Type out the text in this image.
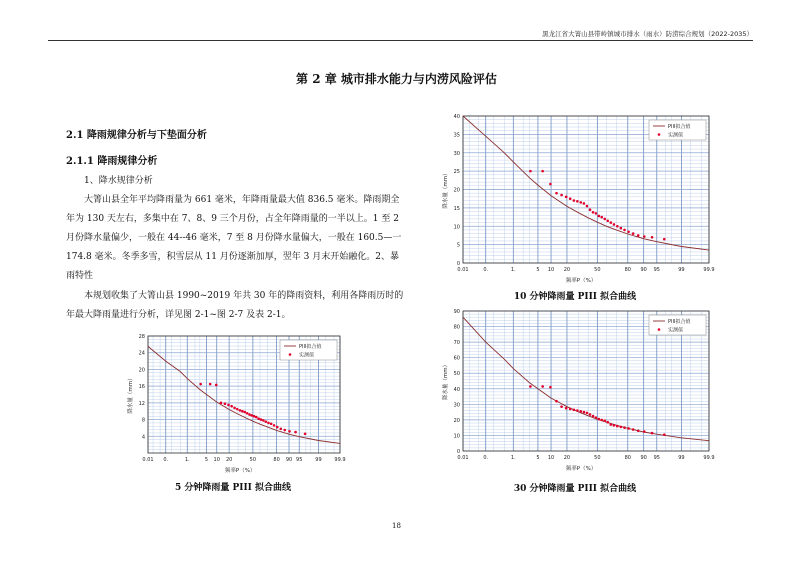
黑龙江省大箐山县带岭镇城市排水（雨水）防涝综合规划（2022-2035）
第 2 章 城市排水能力与内涝风险评估
2.1 降雨规律分析与下垫面分析
2.1.1 降雨规律分析
1、降水规律分析
大箐山县全年平均降雨量为 661 毫米，年降雨量最大值 836.5 毫米。降雨期全年为 130 天左右，多集中在 7、8、9 三个月份，占全年降雨量的一半以上。1 至 2 月份降水量偏少，一般在 44--46 毫米，7 至 8 月份降水量偏大，一般在 160.5—一 174.8 毫米。冬季多雪，积雪层从 11 月份逐渐加厚，翌年 3 月末开始融化。2、暴雨特性
本规划收集了大箐山县 1990~2019 年共 30 年的降雨资料，利用各降雨历时的年最大降雨量进行分析，详见图 2-1~图 2-7 及表 2-1。
4
8
12
16
20
24
28
0.01 0.	1.	5 10 20	50	80 90 95	99	99.9
频率P（%）
降水量（mm）
PIII拟合值
实测值
0
5
10
15
20
25
30
35
40
0.01	0.	1.	5 10 20	50	80 90 95	99	99.9
频率P（%）
降水量（mm）
PIII拟合值
实测值
0
10
20
30
40
50
60
70
80
90
0.01	0.	1.	5 10 20	50	80 90 95	99	99.9
频率P（%）
降水量（mm）
PIII拟合值
实测值
5 分钟降雨量 PIII 拟合曲线
10 分钟降雨量 PIII 拟合曲线
30 分钟降雨量 PIII 拟合曲线
18
